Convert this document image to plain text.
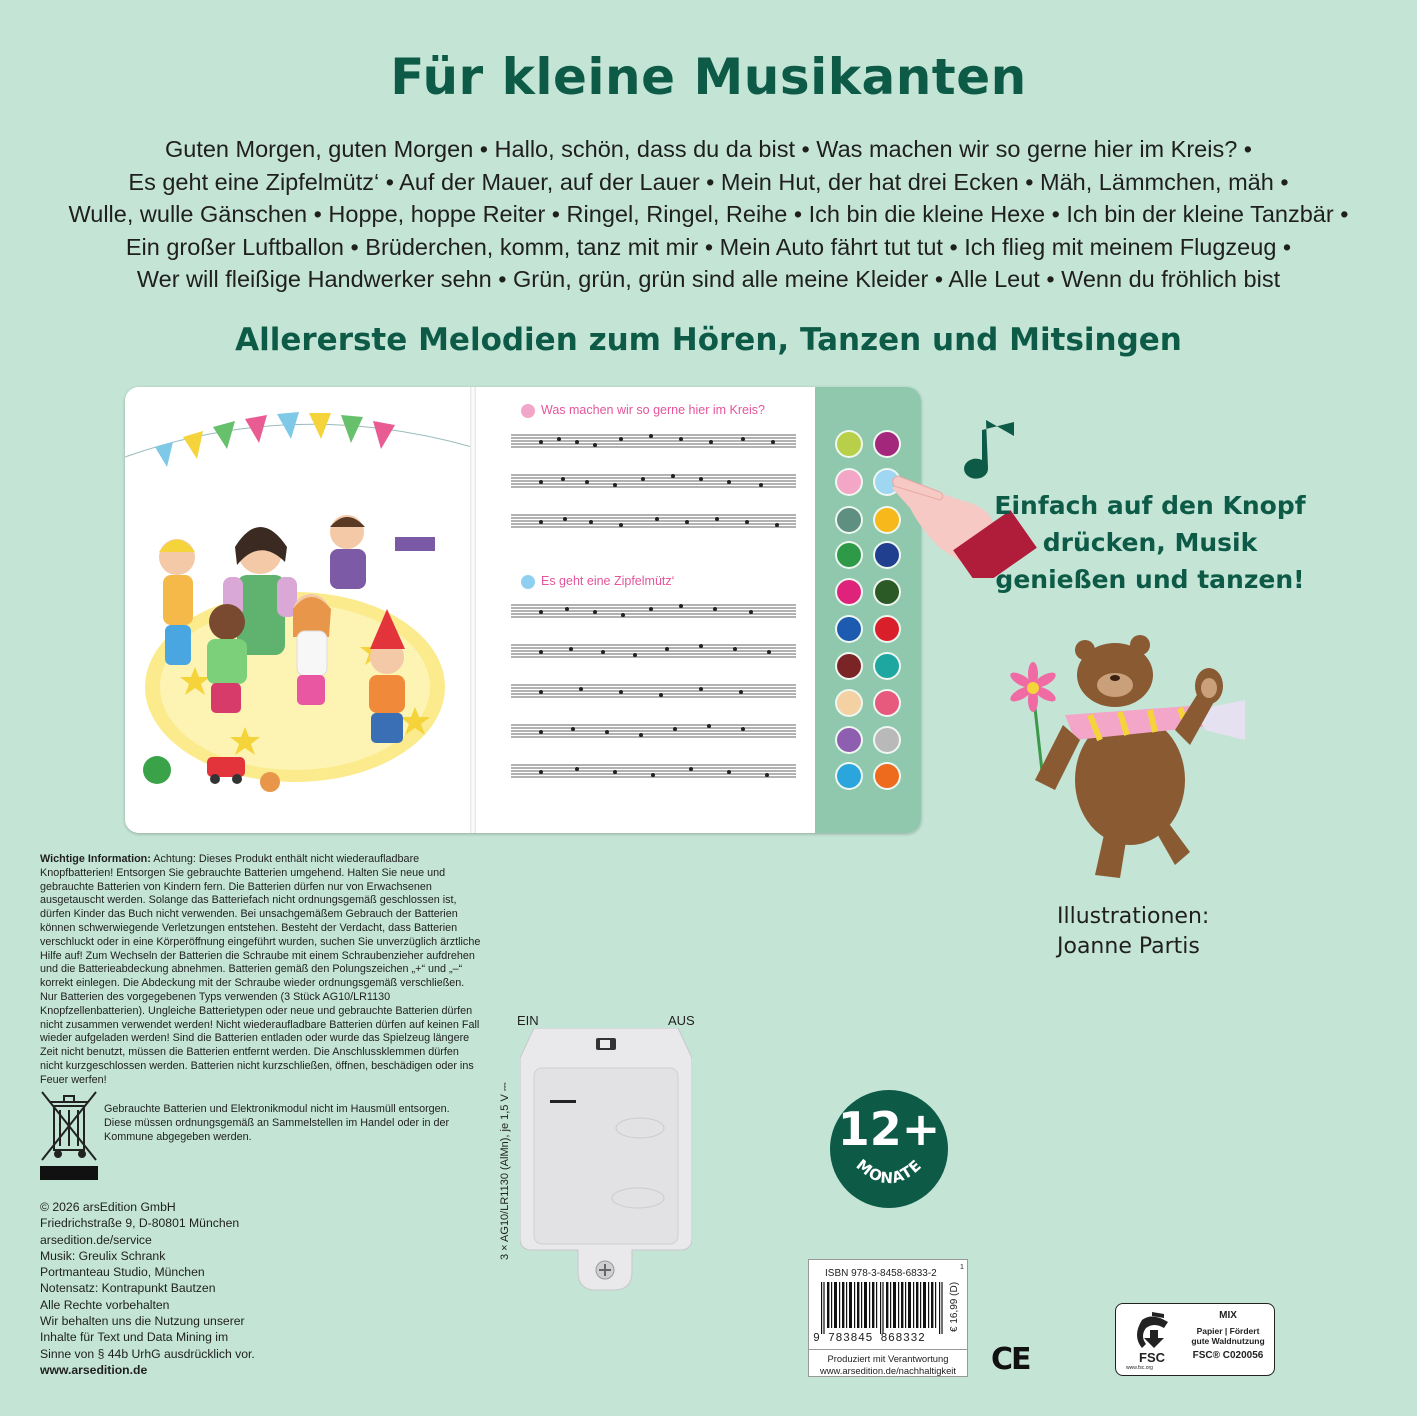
Für kleine Musikanten
Guten Morgen, guten Morgen • Hallo, schön, dass du da bist • Was machen wir so gerne hier im Kreis? •
Es geht eine Zipfelmütz‘ • Auf der Mauer, auf der Lauer • Mein Hut, der hat drei Ecken • Mäh, Lämmchen, mäh •
Wulle, wulle Gänschen • Hoppe, hoppe Reiter • Ringel, Ringel, Reihe • Ich bin die kleine Hexe • Ich bin der kleine Tanzbär •
Ein großer Luftballon • Brüderchen, komm, tanz mit mir • Mein Auto fährt tut tut • Ich flieg mit meinem Flugzeug •
Wer will fleißige Handwerker sehn • Grün, grün, grün sind alle meine Kleider • Alle Leut • Wenn du fröhlich bist
Allererste Melodien zum Hören, Tanzen und Mitsingen
Was machen wir so gerne hier im Kreis?
Es geht eine Zipfelmütz‘
Einfach auf den Knopf
drücken, Musik
genießen und tanzen!
Illustrationen:
Joanne Partis
Wichtige Information: Achtung: Dieses Produkt enthält nicht wiederaufladbare Knopfbatterien! Entsorgen Sie gebrauchte Batterien umgehend. Halten Sie neue und gebrauchte Batterien von Kindern fern. Die Batterien dürfen nur von Erwachsenen ausgetauscht werden. Solange das Batteriefach nicht ordnungsgemäß geschlossen ist, dürfen Kinder das Buch nicht verwenden. Bei unsachgemäßem Gebrauch der Batterien können schwerwiegende Verletzungen entstehen. Besteht der Verdacht, dass Batterien verschluckt oder in eine Körperöffnung eingeführt wurden, suchen Sie unverzüglich ärztliche Hilfe auf! Zum Wechseln der Batterien die Schraube mit einem Schraubenzieher aufdrehen und die Batterieabdeckung abnehmen. Batterien gemäß den Polungszeichen „+“ und „–“ korrekt einlegen. Die Abdeckung mit der Schraube wieder ordnungsgemäß verschließen. Nur Batterien des vorgegebenen Typs verwenden (3 Stück AG10/LR1130 Knopfzellenbatterien). Ungleiche Batterietypen oder neue und gebrauchte Batterien dürfen nicht zusammen verwendet werden! Nicht wiederaufladbare Batterien dürfen auf keinen Fall wieder aufgeladen werden! Sind die Batterien entladen oder wurde das Spielzeug längere Zeit nicht benutzt, müssen die Batterien entfernt werden. Die Anschlussklemmen dürfen nicht kurzgeschlossen werden. Batterien nicht kurzschließen, öffnen, beschädigen oder ins Feuer werfen!
Gebrauchte Batterien und Elektronikmodul nicht im Hausmüll entsorgen. Diese müssen ordnungsgemäß an Sammelstellen im Handel oder in der Kommune abgegeben werden.
© 2026 arsEdition GmbH
Friedrichstraße 9, D-80801 München
arsedition.de/service
Musik: Greulix Schrank
Portmanteau Studio, München
Notensatz: Kontrapunkt Bautzen
Alle Rechte vorbehalten
Wir behalten uns die Nutzung unserer
Inhalte für Text und Data Mining im
Sinne von § 44b UrhG ausdrücklich vor.
www.arsedition.de
EIN	AUS
3 × AG10/LR1130 (AlMn), je 1,5 V ⎓	12+
MONATE
ISBN 978-3-8458-6833-2
1
9 783845 868332
€ 16,99 (D)
Produziert mit Verantwortung
www.arsedition.de/nachhaltigkeit	CE	FSC
www.fsc.org
MIX
Papier | Fördert
gute Waldnutzung
FSC® C020056
